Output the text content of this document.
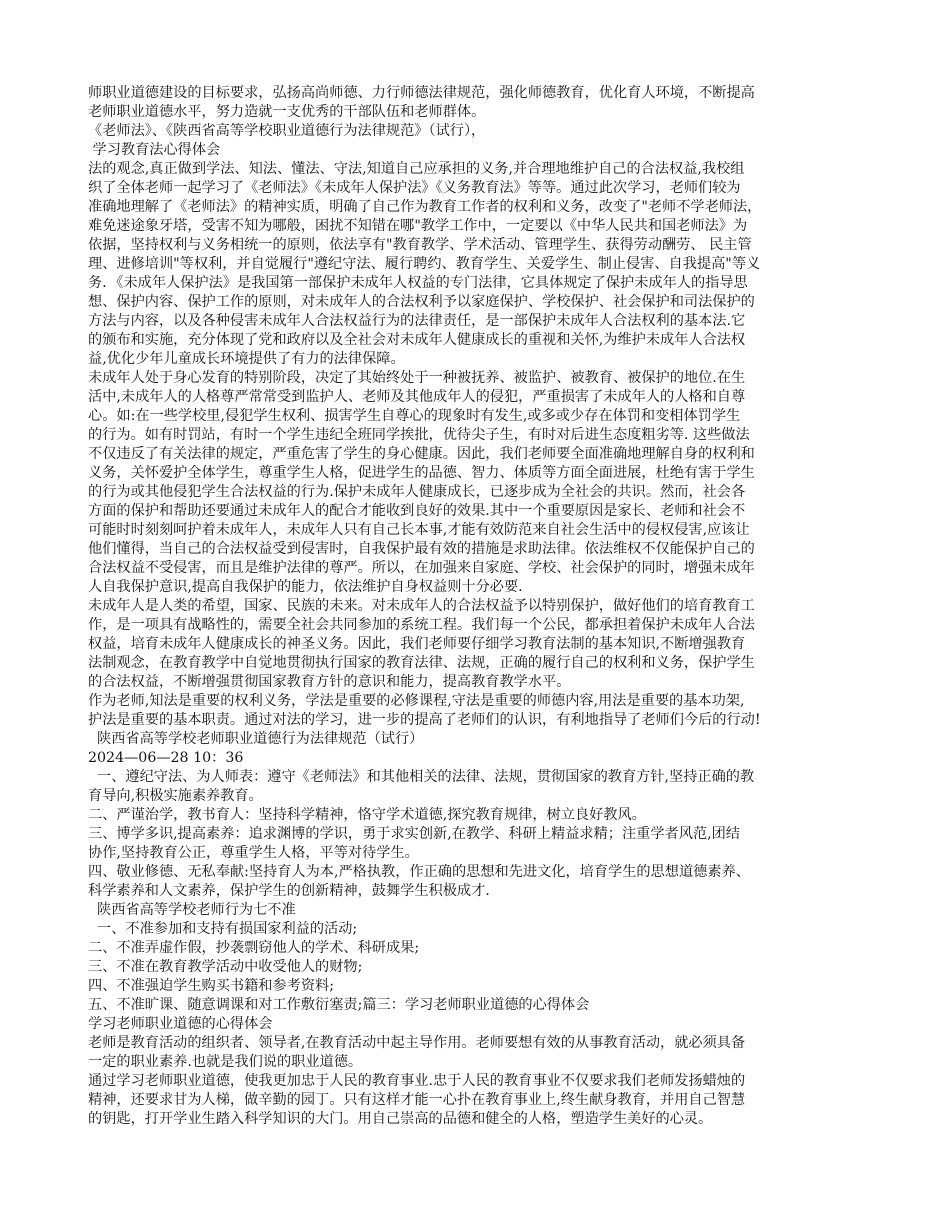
师职业道德建设的目标要求，弘扬高尚师德、力行师德法律规范，强化师德教育，优化育人环境，不断提高
老师职业道德水平，努力造就一支优秀的干部队伍和老师群体。
《老师法》、《陕西省高等学校职业道德行为法律规范》（试行），
学习教育法心得体会
法的观念,真正做到学法、知法、懂法、守法,知道自己应承担的义务,并合理地维护自己的合法权益,我校组
织了全体老师一起学习了《老师法》《未成年人保护法》《义务教育法》等等。通过此次学习，老师们较为
准确地理解了《老师法》的精神实质，明确了自己作为教育工作者的权利和义务，改变了"老师不学老师法，
难免迷途象牙塔，受害不知为哪般，困扰不知错在哪"教学工作中，一定要以《中华人民共和国老师法》为
依据，坚持权利与义务相统一的原则，依法享有"教育教学、学术活动、管理学生、获得劳动酬劳、 民主管
理、进修培训"等权利，并自觉履行"遵纪守法、履行聘约、教育学生、关爱学生、制止侵害、自我提高"等义
务．《未成年人保护法》是我国第一部保护未成年人权益的专门法律，它具体规定了保护未成年人的指导思
想、保护内容、保护工作的原则，对未成年人的合法权利予以家庭保护、学校保护、社会保护和司法保护的
方法与内容，以及各种侵害未成年人合法权益行为的法律责任，是一部保护未成年人合法权利的基本法.它
的颁布和实施，充分体现了党和政府以及全社会对未成年人健康成长的重视和关怀,为维护未成年人合法权
益,优化少年儿童成长环境提供了有力的法律保障。
未成年人处于身心发育的特别阶段，决定了其始终处于一种被抚养、被监护、被教育、被保护的地位.在生
活中,未成年人的人格尊严常常受到监护人、老师及其他成年人的侵犯，严重损害了未成年人的人格和自尊
心。如:在一些学校里,侵犯学生权利、损害学生自尊心的现象时有发生,或多或少存在体罚和变相体罚学生
的行为。如有时罚站，有时一个学生违纪全班同学挨批，优待尖子生，有时对后进生态度粗劣等. 这些做法
不仅违反了有关法律的规定，严重危害了学生的身心健康。因此，我们老师要全面准确地理解自身的权利和
义务，关怀爱护全体学生，尊重学生人格，促进学生的品德、智力、体质等方面全面进展，杜绝有害于学生
的行为或其他侵犯学生合法权益的行为.保护未成年人健康成长，已逐步成为全社会的共识。然而，社会各
方面的保护和帮助还要通过未成年人的配合才能收到良好的效果.其中一个重要原因是家长、老师和社会不
可能时时刻刻呵护着未成年人，未成年人只有自己长本事,才能有效防范来自社会生活中的侵权侵害,应该让
他们懂得，当自己的合法权益受到侵害时，自我保护最有效的措施是求助法律。依法维权不仅能保护自己的
合法权益不受侵害，而且是维护法律的尊严。所以，在加强来自家庭、学校、社会保护的同时，增强未成年
人自我保护意识,提高自我保护的能力，依法维护自身权益则十分必要.
未成年人是人类的希望，国家、民族的未来。对未成年人的合法权益予以特别保护，做好他们的培育教育工
作，是一项具有战略性的，需要全社会共同参加的系统工程。我们每一个公民，都承担着保护未成年人合法
权益，培育未成年人健康成长的神圣义务。因此，我们老师要仔细学习教育法制的基本知识,不断增强教育
法制观念，在教育教学中自觉地贯彻执行国家的教育法律、法规，正确的履行自己的权利和义务，保护学生
的合法权益，不断增强贯彻国家教育方针的意识和能力，提高教育教学水平。
作为老师,知法是重要的权利义务，学法是重要的必修课程,守法是重要的师德内容,用法是重要的基本功架,
护法是重要的基本职责。通过对法的学习，进一步的提高了老师们的认识，有利地指导了老师们今后的行动!
陕西省高等学校老师职业道德行为法律规范（试行）
2024—06—28 10：36
一、遵纪守法、为人师表：遵守《老师法》和其他相关的法律、法规，贯彻国家的教育方针,坚持正确的教
育导向,积极实施素养教育。
二、严谨治学，教书育人：坚持科学精神，恪守学术道德,探究教育规律，树立良好教风。
三、博学多识,提高素养：追求渊博的学识，勇于求实创新,在教学、科研上精益求精；注重学者风范,团结
协作,坚持教育公正，尊重学生人格，平等对待学生。
四、敬业修德、无私奉献:坚持育人为本,严格执教，作正确的思想和先进文化，培育学生的思想道德素养、
科学素养和人文素养，保护学生的创新精神，鼓舞学生积极成才.
陕西省高等学校老师行为七不准
一、不准参加和支持有损国家利益的活动;
二、不准弄虚作假，抄袭剽窃他人的学术、科研成果;
三、不准在教育教学活动中收受他人的财物;
四、不准强迫学生购买书籍和参考资料;
五、不准旷课、随意调课和对工作敷衍塞责;篇三：学习老师职业道德的心得体会
学习老师职业道德的心得体会
老师是教育活动的组织者、领导者,在教育活动中起主导作用。老师要想有效的从事教育活动，就必须具备
一定的职业素养.也就是我们说的职业道德。
通过学习老师职业道德，使我更加忠于人民的教育事业.忠于人民的教育事业不仅要求我们老师发扬蜡烛的
精神，还要求甘为人梯，做辛勤的园丁。只有这样才能一心扑在教育事业上,终生献身教育，并用自己智慧
的钥匙，打开学业生踏入科学知识的大门。用自己崇高的品德和健全的人格，塑造学生美好的心灵。
